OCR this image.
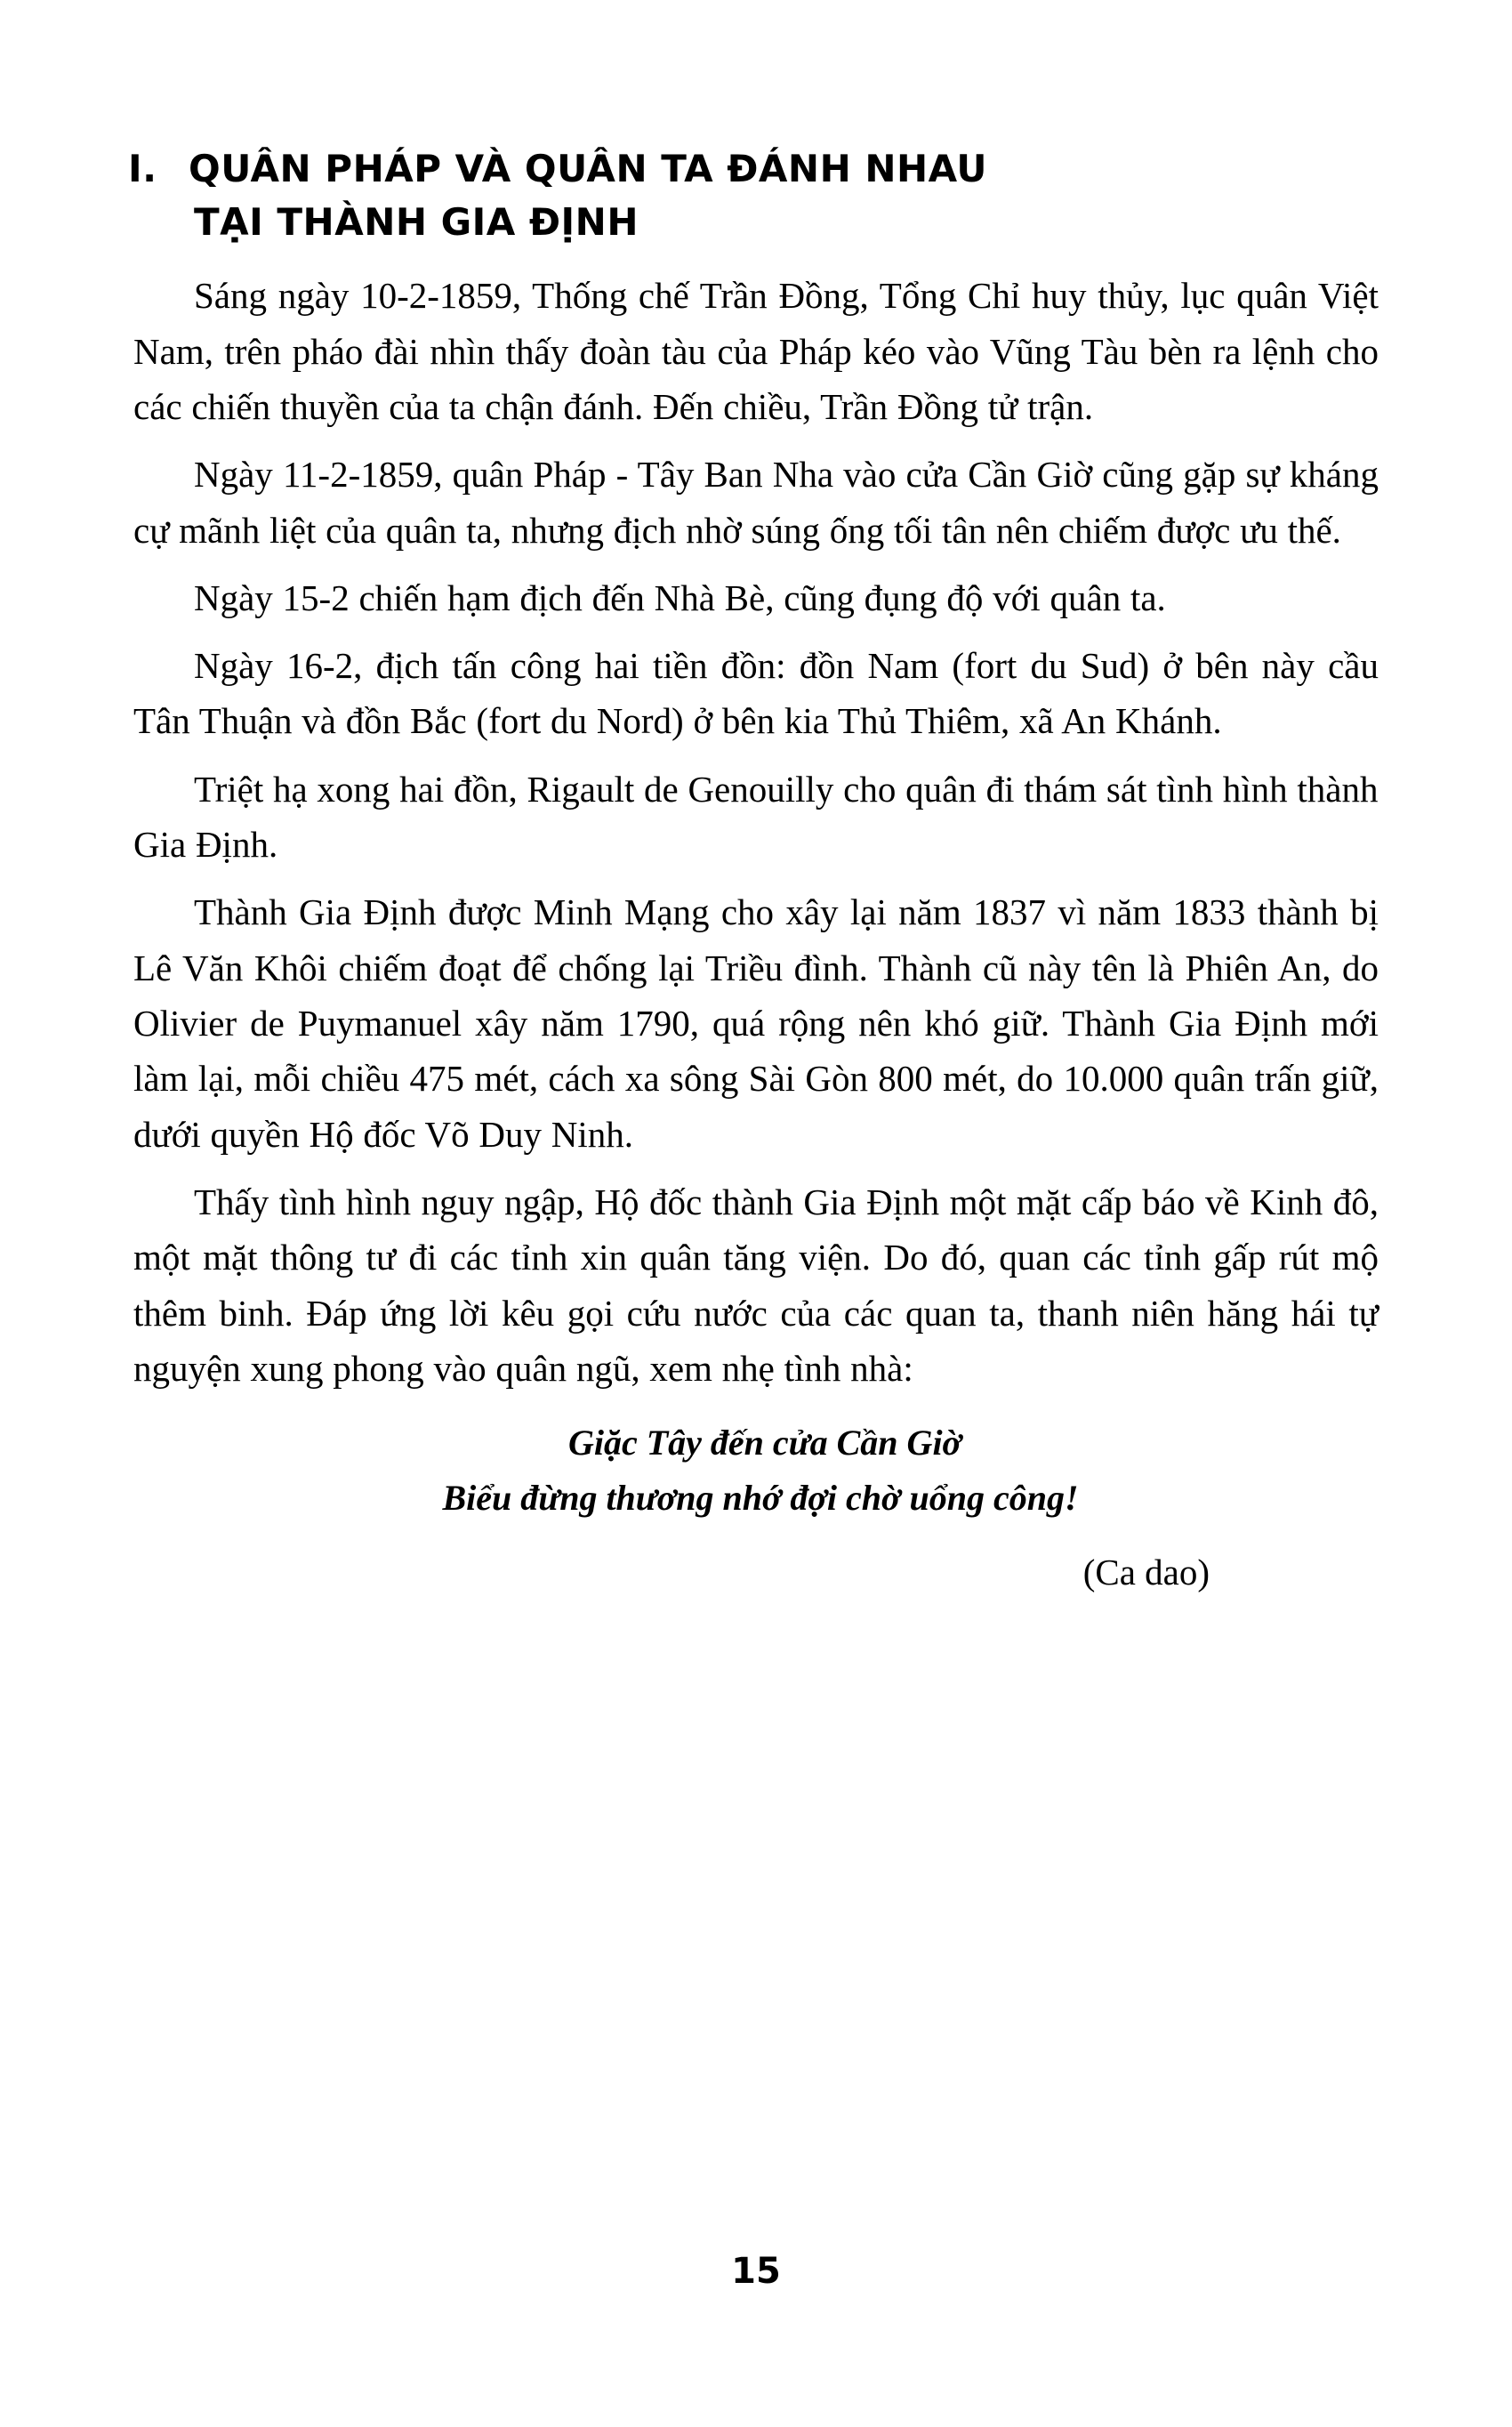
I. QUÂN PHÁP VÀ QUÂN TA ĐÁNH NHAU
TẠI THÀNH GIA ĐỊNH

Sáng ngày 10-2-1859, Thống chế Trần Đồng, Tổng Chỉ huy thủy, lục quân Việt Nam, trên pháo đài nhìn thấy đoàn tàu của Pháp kéo vào Vũng Tàu bèn ra lệnh cho các chiến thuyền của ta chận đánh. Đến chiều, Trần Đồng tử trận.

Ngày 11-2-1859, quân Pháp - Tây Ban Nha vào cửa Cần Giờ cũng gặp sự kháng cự mãnh liệt của quân ta, nhưng địch nhờ súng ống tối tân nên chiếm được ưu thế.

Ngày 15-2 chiến hạm địch đến Nhà Bè, cũng đụng độ với quân ta.

Ngày 16-2, địch tấn công hai tiền đồn: đồn Nam (fort du Sud) ở bên này cầu Tân Thuận và đồn Bắc (fort du Nord) ở bên kia Thủ Thiêm, xã An Khánh.

Triệt hạ xong hai đồn, Rigault de Genouilly cho quân đi thám sát tình hình thành Gia Định.

Thành Gia Định được Minh Mạng cho xây lại năm 1837 vì năm 1833 thành bị Lê Văn Khôi chiếm đoạt để chống lại Triều đình. Thành cũ này tên là Phiên An, do Olivier de Puymanuel xây năm 1790, quá rộng nên khó giữ. Thành Gia Định mới làm lại, mỗi chiều 475 mét, cách xa sông Sài Gòn 800 mét, do 10.000 quân trấn giữ, dưới quyền Hộ đốc Võ Duy Ninh.

Thấy tình hình nguy ngập, Hộ đốc thành Gia Định một mặt cấp báo về Kinh đô, một mặt thông tư đi các tỉnh xin quân tăng viện. Do đó, quan các tỉnh gấp rút mộ thêm binh. Đáp ứng lời kêu gọi cứu nước của các quan ta, thanh niên hăng hái tự nguyện xung phong vào quân ngũ, xem nhẹ tình nhà:

Giặc Tây đến cửa Cần Giờ
Biểu đừng thương nhớ đợi chờ uổng công!
(Ca dao)
15
